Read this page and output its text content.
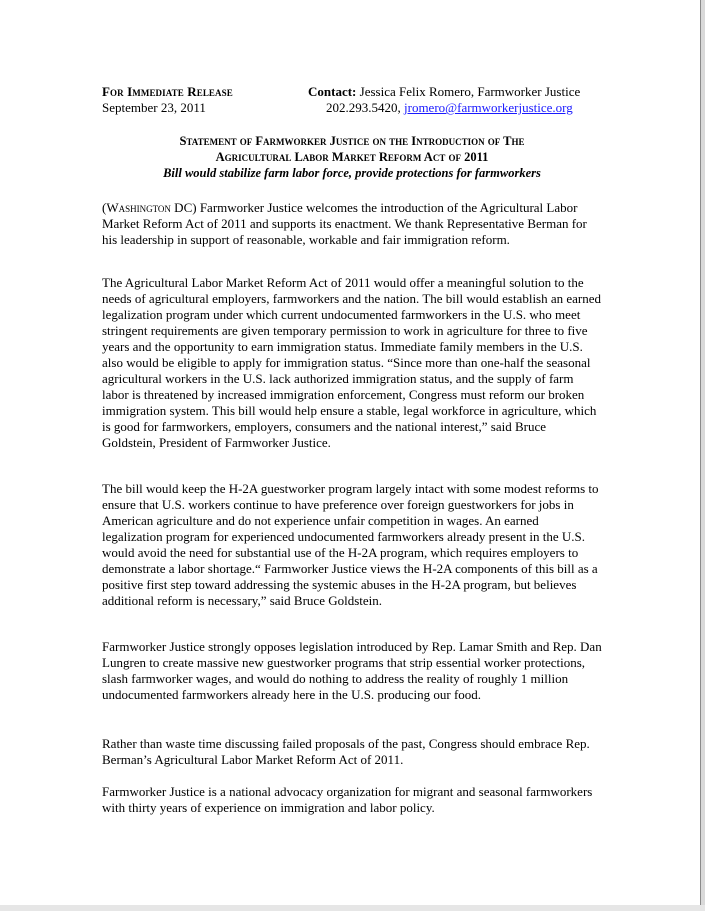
For Immediate Release
September 23, 2011
Contact: Jessica Felix Romero, Farmworker Justice
202.293.5420, jromero@farmworkerjustice.org
Statement of Farmworker Justice on the Introduction of The
Agricultural Labor Market Reform Act of 2011
Bill would stabilize farm labor force, provide protections for farmworkers

(Washington DC) Farmworker Justice welcomes the introduction of the Agricultural Labor Market Reform Act of 2011 and supports its enactment. We thank Representative Berman for his leadership in support of reasonable, workable and fair immigration reform.

The Agricultural Labor Market Reform Act of 2011 would offer a meaningful solution to the needs of agricultural employers, farmworkers and the nation. The bill would establish an earned legalization program under which current undocumented farmworkers in the U.S. who meet stringent requirements are given temporary permission to work in agriculture for three to five years and the opportunity to earn immigration status. Immediate family members in the U.S. also would be eligible to apply for immigration status. “Since more than one-half the seasonal agricultural workers in the U.S. lack authorized immigration status, and the supply of farm labor is threatened by increased immigration enforcement, Congress must reform our broken immigration system. This bill would help ensure a stable, legal workforce in agriculture, which is good for farmworkers, employers, consumers and the national interest,” said Bruce Goldstein, President of Farmworker Justice.

The bill would keep the H-2A guestworker program largely intact with some modest reforms to ensure that U.S. workers continue to have preference over foreign guestworkers for jobs in American agriculture and do not experience unfair competition in wages. An earned legalization program for experienced undocumented farmworkers already present in the U.S. would avoid the need for substantial use of the H-2A program, which requires employers to demonstrate a labor shortage.“ Farmworker Justice views the H-2A components of this bill as a positive first step toward addressing the systemic abuses in the H-2A program, but believes additional reform is necessary,” said Bruce Goldstein.

Farmworker Justice strongly opposes legislation introduced by Rep. Lamar Smith and Rep. Dan Lungren to create massive new guestworker programs that strip essential worker protections, slash farmworker wages, and would do nothing to address the reality of roughly 1 million undocumented farmworkers already here in the U.S. producing our food.

Rather than waste time discussing failed proposals of the past, Congress should embrace Rep. Berman’s Agricultural Labor Market Reform Act of 2011.

Farmworker Justice is a national advocacy organization for migrant and seasonal farmworkers with thirty years of experience on immigration and labor policy.
